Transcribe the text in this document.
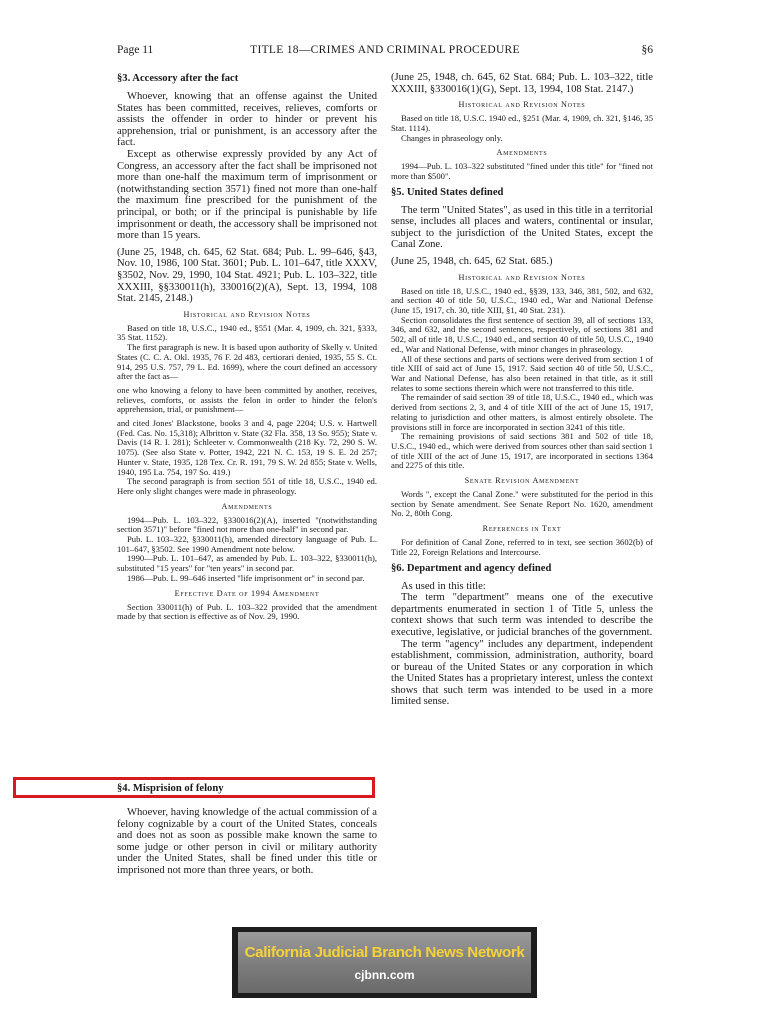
Page 11	TITLE 18—CRIMES AND CRIMINAL PROCEDURE	§6
§3. Accessory after the fact

Whoever, knowing that an offense against the United States has been committed, receives, relieves, comforts or assists the offender in order to hinder or prevent his apprehension, trial or punishment, is an accessory after the fact.

Except as otherwise expressly provided by any Act of Congress, an accessory after the fact shall be imprisoned not more than one-half the maximum term of imprisonment or (notwithstanding section 3571) fined not more than one-half the maximum fine prescribed for the punishment of the principal, or both; or if the principal is punishable by life imprisonment or death, the accessory shall be imprisoned not more than 15 years.

(June 25, 1948, ch. 645, 62 Stat. 684; Pub. L. 99–646, §43, Nov. 10, 1986, 100 Stat. 3601; Pub. L. 101–647, title XXXV, §3502, Nov. 29, 1990, 104 Stat. 4921; Pub. L. 103–322, title XXXIII, §§330011(h), 330016(2)(A), Sept. 13, 1994, 108 Stat. 2145, 2148.)

Historical and Revision Notes

Based on title 18, U.S.C., 1940 ed., §551 (Mar. 4, 1909, ch. 321, §333, 35 Stat. 1152).

The first paragraph is new. It is based upon authority of Skelly v. United States (C. C. A. Okl. 1935, 76 F. 2d 483, certiorari denied, 1935, 55 S. Ct. 914, 295 U.S. 757, 79 L. Ed. 1699), where the court defined an accessory after the fact as—

one who knowing a felony to have been committed by another, receives, relieves, comforts, or assists the felon in order to hinder the felon's apprehension, trial, or punishment—

and cited Jones' Blackstone, books 3 and 4, page 2204; U.S. v. Hartwell (Fed. Cas. No. 15,318); Albritton v. State (32 Fla. 358, 13 So. 955); State v. Davis (14 R. I. 281); Schleeter v. Commonwealth (218 Ky. 72, 290 S. W. 1075). (See also State v. Potter, 1942, 221 N. C. 153, 19 S. E. 2d 257; Hunter v. State, 1935, 128 Tex. Cr. R. 191, 79 S. W. 2d 855; State v. Wells, 1940, 195 La. 754, 197 So. 419.)

The second paragraph is from section 551 of title 18, U.S.C., 1940 ed. Here only slight changes were made in phraseology.

Amendments

1994—Pub. L. 103–322, §330016(2)(A), inserted "(notwithstanding section 3571)" before "fined not more than one-half" in second par.

Pub. L. 103–322, §330011(h), amended directory language of Pub. L. 101–647, §3502. See 1990 Amendment note below.

1990—Pub. L. 101–647, as amended by Pub. L. 103–322, §330011(h), substituted "15 years" for "ten years" in second par.

1986—Pub. L. 99–646 inserted "life imprisonment or" in second par.

Effective Date of 1994 Amendment

Section 330011(h) of Pub. L. 103–322 provided that the amendment made by that section is effective as of Nov. 29, 1990.

§4. Misprision of felony

Whoever, having knowledge of the actual commission of a felony cognizable by a court of the United States, conceals and does not as soon as possible make known the same to some judge or other person in civil or military authority under the United States, shall be fined under this title or imprisoned not more than three years, or both.

(June 25, 1948, ch. 645, 62 Stat. 684; Pub. L. 103–322, title XXXIII, §330016(1)(G), Sept. 13, 1994, 108 Stat. 2147.)

Historical and Revision Notes

Based on title 18, U.S.C. 1940 ed., §251 (Mar. 4, 1909, ch. 321, §146, 35 Stat. 1114).

Changes in phraseology only.

Amendments

1994—Pub. L. 103–322 substituted "fined under this title" for "fined not more than $500".

§5. United States defined

The term "United States", as used in this title in a territorial sense, includes all places and waters, continental or insular, subject to the jurisdiction of the United States, except the Canal Zone.

(June 25, 1948, ch. 645, 62 Stat. 685.)

Historical and Revision Notes

Based on title 18, U.S.C., 1940 ed., §§39, 133, 346, 381, 502, and 632, and section 40 of title 50, U.S.C., 1940 ed., War and National Defense (June 15, 1917, ch. 30, title XIII, §1, 40 Stat. 231).

Section consolidates the first sentence of section 39, all of sections 133, 346, and 632, and the second sentences, respectively, of sections 381 and 502, all of title 18, U.S.C., 1940 ed., and section 40 of title 50, U.S.C., 1940 ed., War and National Defense, with minor changes in phraseology.

All of these sections and parts of sections were derived from section 1 of title XIII of said act of June 15, 1917. Said section 40 of title 50, U.S.C., War and National Defense, has also been retained in that title, as it still relates to some sections therein which were not transferred to this title.

The remainder of said section 39 of title 18, U.S.C., 1940 ed., which was derived from sections 2, 3, and 4 of title XIII of the act of June 15, 1917, relating to jurisdiction and other matters, is almost entirely obsolete. The provisions still in force are incorporated in section 3241 of this title.

The remaining provisions of said sections 381 and 502 of title 18, U.S.C., 1940 ed., which were derived from sources other than said section 1 of title XIII of the act of June 15, 1917, are incorporated in sections 1364 and 2275 of this title.

Senate Revision Amendment

Words ", except the Canal Zone." were substituted for the period in this section by Senate amendment. See Senate Report No. 1620, amendment No. 2, 80th Cong.

References in Text

For definition of Canal Zone, referred to in text, see section 3602(b) of Title 22, Foreign Relations and Intercourse.

§6. Department and agency defined

As used in this title:

The term "department" means one of the executive departments enumerated in section 1 of Title 5, unless the context shows that such term was intended to describe the executive, legislative, or judicial branches of the government.

The term "agency" includes any department, independent establishment, commission, administration, authority, board or bureau of the United States or any corporation in which the United States has a proprietary interest, unless the context shows that such term was intended to be used in a more limited sense.

California Judicial Branch News Network
cjbnn.com
